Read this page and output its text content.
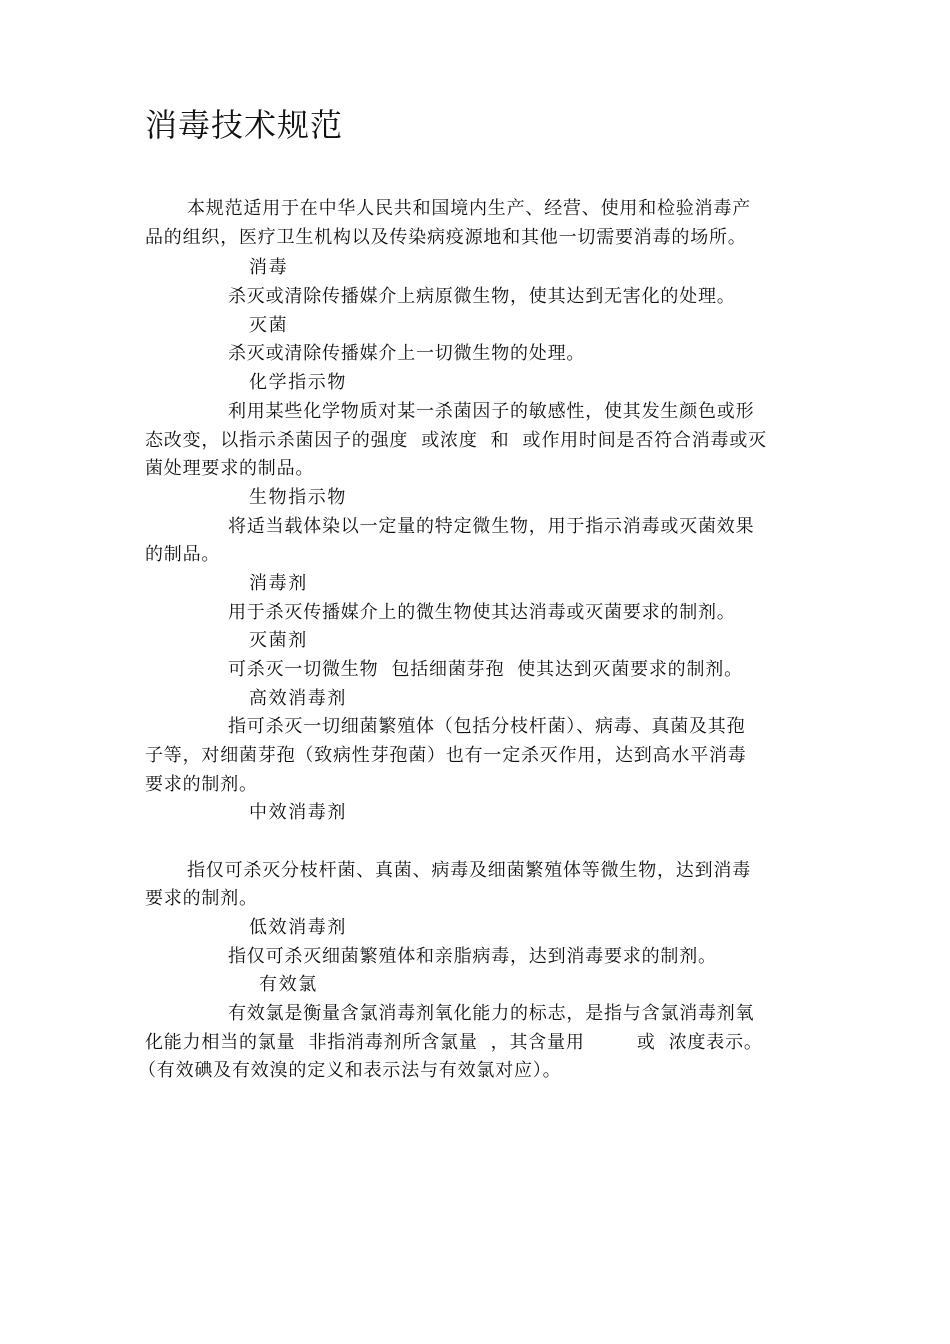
消毒技术规范

本规范适用于在中华人民共和国境内生产、经营、使用和检验消毒产

品的组织，医疗卫生机构以及传染病疫源地和其他一切需要消毒的场所。

消毒

杀灭或清除传播媒介上病原微生物，使其达到无害化的处理。

灭菌

杀灭或清除传播媒介上一切微生物的处理。

化学指示物

利用某些化学物质对某一杀菌因子的敏感性，使其发生颜色或形

态改变，以指示杀菌因子的强度  或浓度  和  或作用时间是否符合消毒或灭

菌处理要求的制品。

生物指示物

将适当载体染以一定量的特定微生物，用于指示消毒或灭菌效果

的制品。

消毒剂

用于杀灭传播媒介上的微生物使其达消毒或灭菌要求的制剂。

灭菌剂

可杀灭一切微生物  包括细菌芽孢  使其达到灭菌要求的制剂。

高效消毒剂

指可杀灭一切细菌繁殖体（包括分枝杆菌）、病毒、真菌及其孢

子等，对细菌芽孢（致病性芽孢菌）也有一定杀灭作用，达到高水平消毒

要求的制剂。

中效消毒剂

指仅可杀灭分枝杆菌、真菌、病毒及细菌繁殖体等微生物，达到消毒

要求的制剂。

低效消毒剂

指仅可杀灭细菌繁殖体和亲脂病毒，达到消毒要求的制剂。

有效氯

有效氯是衡量含氯消毒剂氧化能力的标志，是指与含氯消毒剂氧

化能力相当的氯量  非指消毒剂所含氯量  ，其含量用        或  浓度表示。

（有效碘及有效溴的定义和表示法与有效氯对应）。
